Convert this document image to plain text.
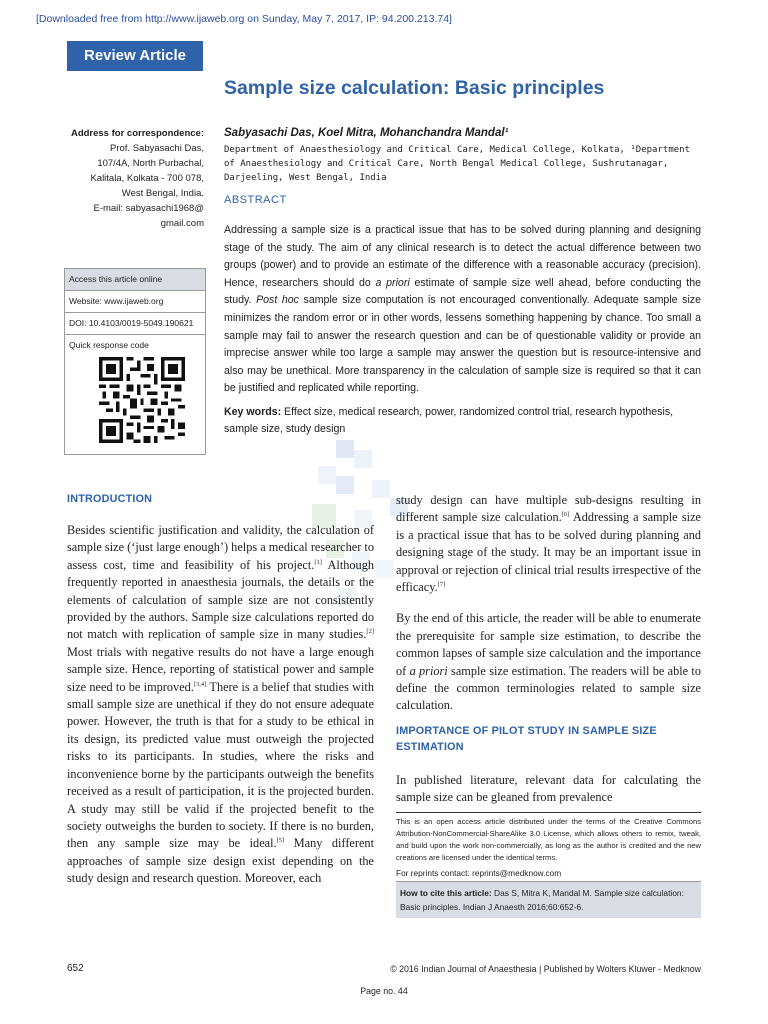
[Downloaded free from http://www.ijaweb.org on Sunday, May 7, 2017, IP: 94.200.213.74]
Review Article
Sample size calculation: Basic principles
Address for correspondence:
Prof. Sabyasachi Das,
107/4A, North Purbachal,
Kalitala, Kolkata - 700 078,
West Bengal, India.
E-mail: sabyasachi1968@
gmail.com
Sabyasachi Das, Koel Mitra, Mohanchandra Mandal¹
Department of Anaesthesiology and Critical Care, Medical College, Kolkata, ¹Department of Anaesthesiology and Critical Care, North Bengal Medical College, Sushrutanagar, Darjeeling, West Bengal, India
ABSTRACT
Addressing a sample size is a practical issue that has to be solved during planning and designing stage of the study. The aim of any clinical research is to detect the actual difference between two groups (power) and to provide an estimate of the difference with a reasonable accuracy (precision). Hence, researchers should do a priori estimate of sample size well ahead, before conducting the study. Post hoc sample size computation is not encouraged conventionally. Adequate sample size minimizes the random error or in other words, lessens something happening by chance. Too small a sample may fail to answer the research question and can be of questionable validity or provide an imprecise answer while too large a sample may answer the question but is resource-intensive and also may be unethical. More transparency in the calculation of sample size is required so that it can be justified and replicated while reporting.
Key words: Effect size, medical research, power, randomized control trial, research hypothesis, sample size, study design
Access this article online
Website: www.ijaweb.org
DOI: 10.4103/0019-5049.190621
Quick response code
INTRODUCTION

Besides scientific justification and validity, the calculation of sample size (‘just large enough’) helps a medical researcher to assess cost, time and feasibility of his project.[1] Although frequently reported in anaesthesia journals, the details or the elements of calculation of sample size are not consistently provided by the authors. Sample size calculations reported do not match with replication of sample size in many studies.[2] Most trials with negative results do not have a large enough sample size. Hence, reporting of statistical power and sample size need to be improved.[3,4] There is a belief that studies with small sample size are unethical if they do not ensure adequate power. However, the truth is that for a study to be ethical in its design, its predicted value must outweigh the projected risks to its participants. In studies, where the risks and inconvenience borne by the participants outweigh the benefits received as a result of participation, it is the projected burden. A study may still be valid if the projected benefit to the society outweighs the burden to society. If there is no burden, then any sample size may be ideal.[5] Many different approaches of sample size design exist depending on the study design and research question. Moreover, each

study design can have multiple sub-designs resulting in different sample size calculation.[6] Addressing a sample size is a practical issue that has to be solved during planning and designing stage of the study. It may be an important issue in approval or rejection of clinical trial results irrespective of the efficacy.[7]

By the end of this article, the reader will be able to enumerate the prerequisite for sample size estimation, to describe the common lapses of sample size calculation and the importance of a priori sample size estimation. The readers will be able to define the common terminologies related to sample size calculation.

IMPORTANCE OF PILOT STUDY IN SAMPLE SIZE ESTIMATION

In published literature, relevant data for calculating the sample size can be gleaned from prevalence

This is an open access article distributed under the terms of the Creative Commons Attribution-NonCommercial-ShareAlike 3.0 License, which allows others to remix, tweak, and build upon the work non-commercially, as long as the author is credited and the new creations are licensed under the identical terms.
For reprints contact: reprints@medknow.com
How to cite this article: Das S, Mitra K, Mandal M. Sample size calculation: Basic principles. Indian J Anaesth 2016;60:652-6.
652	© 2016 Indian Journal of Anaesthesia | Published by Wolters Kluwer - Medknow
Page no. 44
